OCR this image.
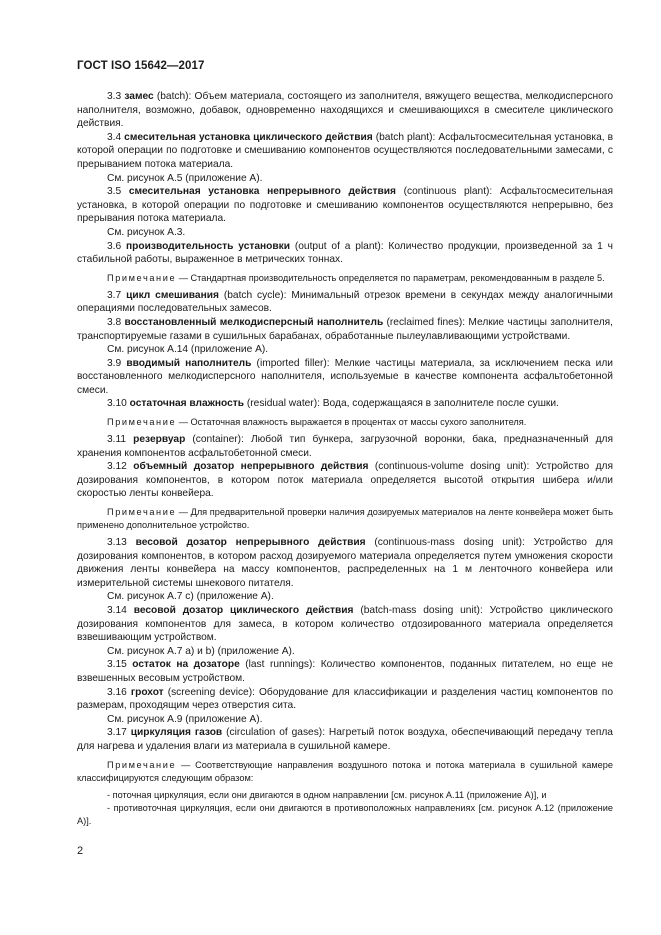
ГОСТ ISO 15642—2017

3.3 замес (batch): Объем материала, состоящего из заполнителя, вяжущего вещества, мелкодисперсного наполнителя, возможно, добавок, одновременно находящихся и смешивающихся в смесителе циклического действия.

3.4 смесительная установка циклического действия (batch plant): Асфальтосмесительная установка, в которой операции по подготовке и смешиванию компонентов осуществляются последовательными замесами, с прерыванием потока материала.

См. рисунок А.5 (приложение А).

3.5 смесительная установка непрерывного действия (continuous plant): Асфальтосмесительная установка, в которой операции по подготовке и смешиванию компонентов осуществляются непрерывно, без прерывания потока материала.

См. рисунок А.3.

3.6 производительность установки (output of a plant): Количество продукции, произведенной за 1 ч стабильной работы, выраженное в метрических тоннах.

Примечание — Стандартная производительность определяется по параметрам, рекомендованным в разделе 5.

3.7 цикл смешивания (batch cycle): Минимальный отрезок времени в секундах между аналогичными операциями последовательных замесов.

3.8 восстановленный мелкодисперсный наполнитель (reclaimed fines): Мелкие частицы заполнителя, транспортируемые газами в сушильных барабанах, обработанные пылеулавливающими устройствами.

См. рисунок А.14 (приложение А).

3.9 вводимый наполнитель (imported filler): Мелкие частицы материала, за исключением песка или восстановленного мелкодисперсного наполнителя, используемые в качестве компонента асфальтобетонной смеси.

3.10 остаточная влажность (residual water): Вода, содержащаяся в заполнителе после сушки.

Примечание — Остаточная влажность выражается в процентах от массы сухого заполнителя.

3.11 резервуар (container): Любой тип бункера, загрузочной воронки, бака, предназначенный для хранения компонентов асфальтобетонной смеси.

3.12 объемный дозатор непрерывного действия (continuous-volume dosing unit): Устройство для дозирования компонентов, в котором поток материала определяется высотой открытия шибера и/или скоростью ленты конвейера.

Примечание — Для предварительной проверки наличия дозируемых материалов на ленте конвейера может быть применено дополнительное устройство.

3.13 весовой дозатор непрерывного действия (continuous-mass dosing unit): Устройство для дозирования компонентов, в котором расход дозируемого материала определяется путем умножения скорости движения ленты конвейера на массу компонентов, распределенных на 1 м ленточного конвейера или измерительной системы шнекового питателя.

См. рисунок А.7 с) (приложение А).

3.14 весовой дозатор циклического действия (batch-mass dosing unit): Устройство циклического дозирования компонентов для замеса, в котором количество отдозированного материала определяется взвешивающим устройством.

См. рисунок А.7 а) и b) (приложение А).

3.15 остаток на дозаторе (last runnings): Количество компонентов, поданных питателем, но еще не взвешенных весовым устройством.

3.16 грохот (screening device): Оборудование для классификации и разделения частиц компонентов по размерам, проходящим через отверстия сита.

См. рисунок А.9 (приложение А).

3.17 циркуляция газов (circulation of gases): Нагретый поток воздуха, обеспечивающий передачу тепла для нагрева и удаления влаги из материала в сушильной камере.

Примечание — Соответствующие направления воздушного потока и потока материала в сушильной камере классифицируются следующим образом:

- поточная циркуляция, если они двигаются в одном направлении [см. рисунок А.11 (приложение А)], и

- противоточная циркуляция, если они двигаются в противоположных направлениях [см. рисунок А.12 (приложение А)].

2
